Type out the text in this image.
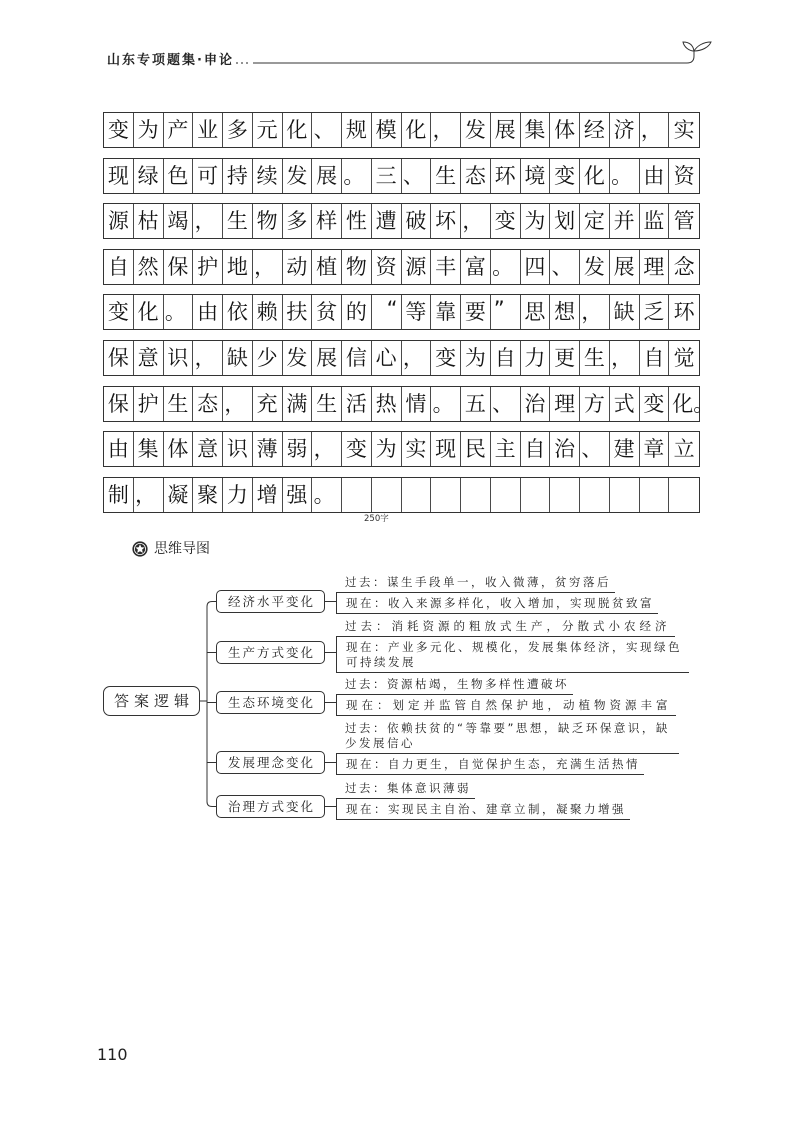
山东专项题集·申论
变 为 产 业 多 元 化 、 规 模 化 ， 发 展 集 体 经 济 ， 实
现 绿 色 可 持 续 发 展 。 三 、 生 态 环 境 变 化 。 由 资
源 枯 竭 ， 生 物 多 样 性 遭 破 坏 ， 变 为 划 定 并 监 管
自 然 保 护 地 ， 动 植 物 资 源 丰 富 。 四 、 发 展 理 念
变 化 。 由 依 赖 扶 贫 的 “ 等 靠 要 ” 思 想 ， 缺 乏 环
保 意 识 ， 缺 少 发 展 信 心 ， 变 为 自 力 更 生 ， 自 觉
保 护 生 态 ， 充 满 生 活 热 情 。 五 、 治 理 方 式 变 化。
由 集 体 意 识 薄 弱 ， 变 为 实 现 民 主 自 治 、 建 章 立
制 ， 凝 聚 力 增 强 。
250字
思维导图
答案逻辑
经济水平变化
过去：谋生手段单一，收入微薄，贫穷落后
现在：收入来源多样化，收入增加，实现脱贫致富
生产方式变化
过去：消耗资源的粗放式生产，分散式小农经济
现在：产业多元化、规模化，发展集体经济，实现绿色可持续发展
生态环境变化
过去：资源枯竭，生物多样性遭破坏
现在：划定并监管自然保护地，动植物资源丰富
发展理念变化
过去：依赖扶贫的“等靠要”思想，缺乏环保意识，缺少发展信心
现在：自力更生，自觉保护生态，充满生活热情
治理方式变化
过去：集体意识薄弱
现在：实现民主自治、建章立制，凝聚力增强
110
